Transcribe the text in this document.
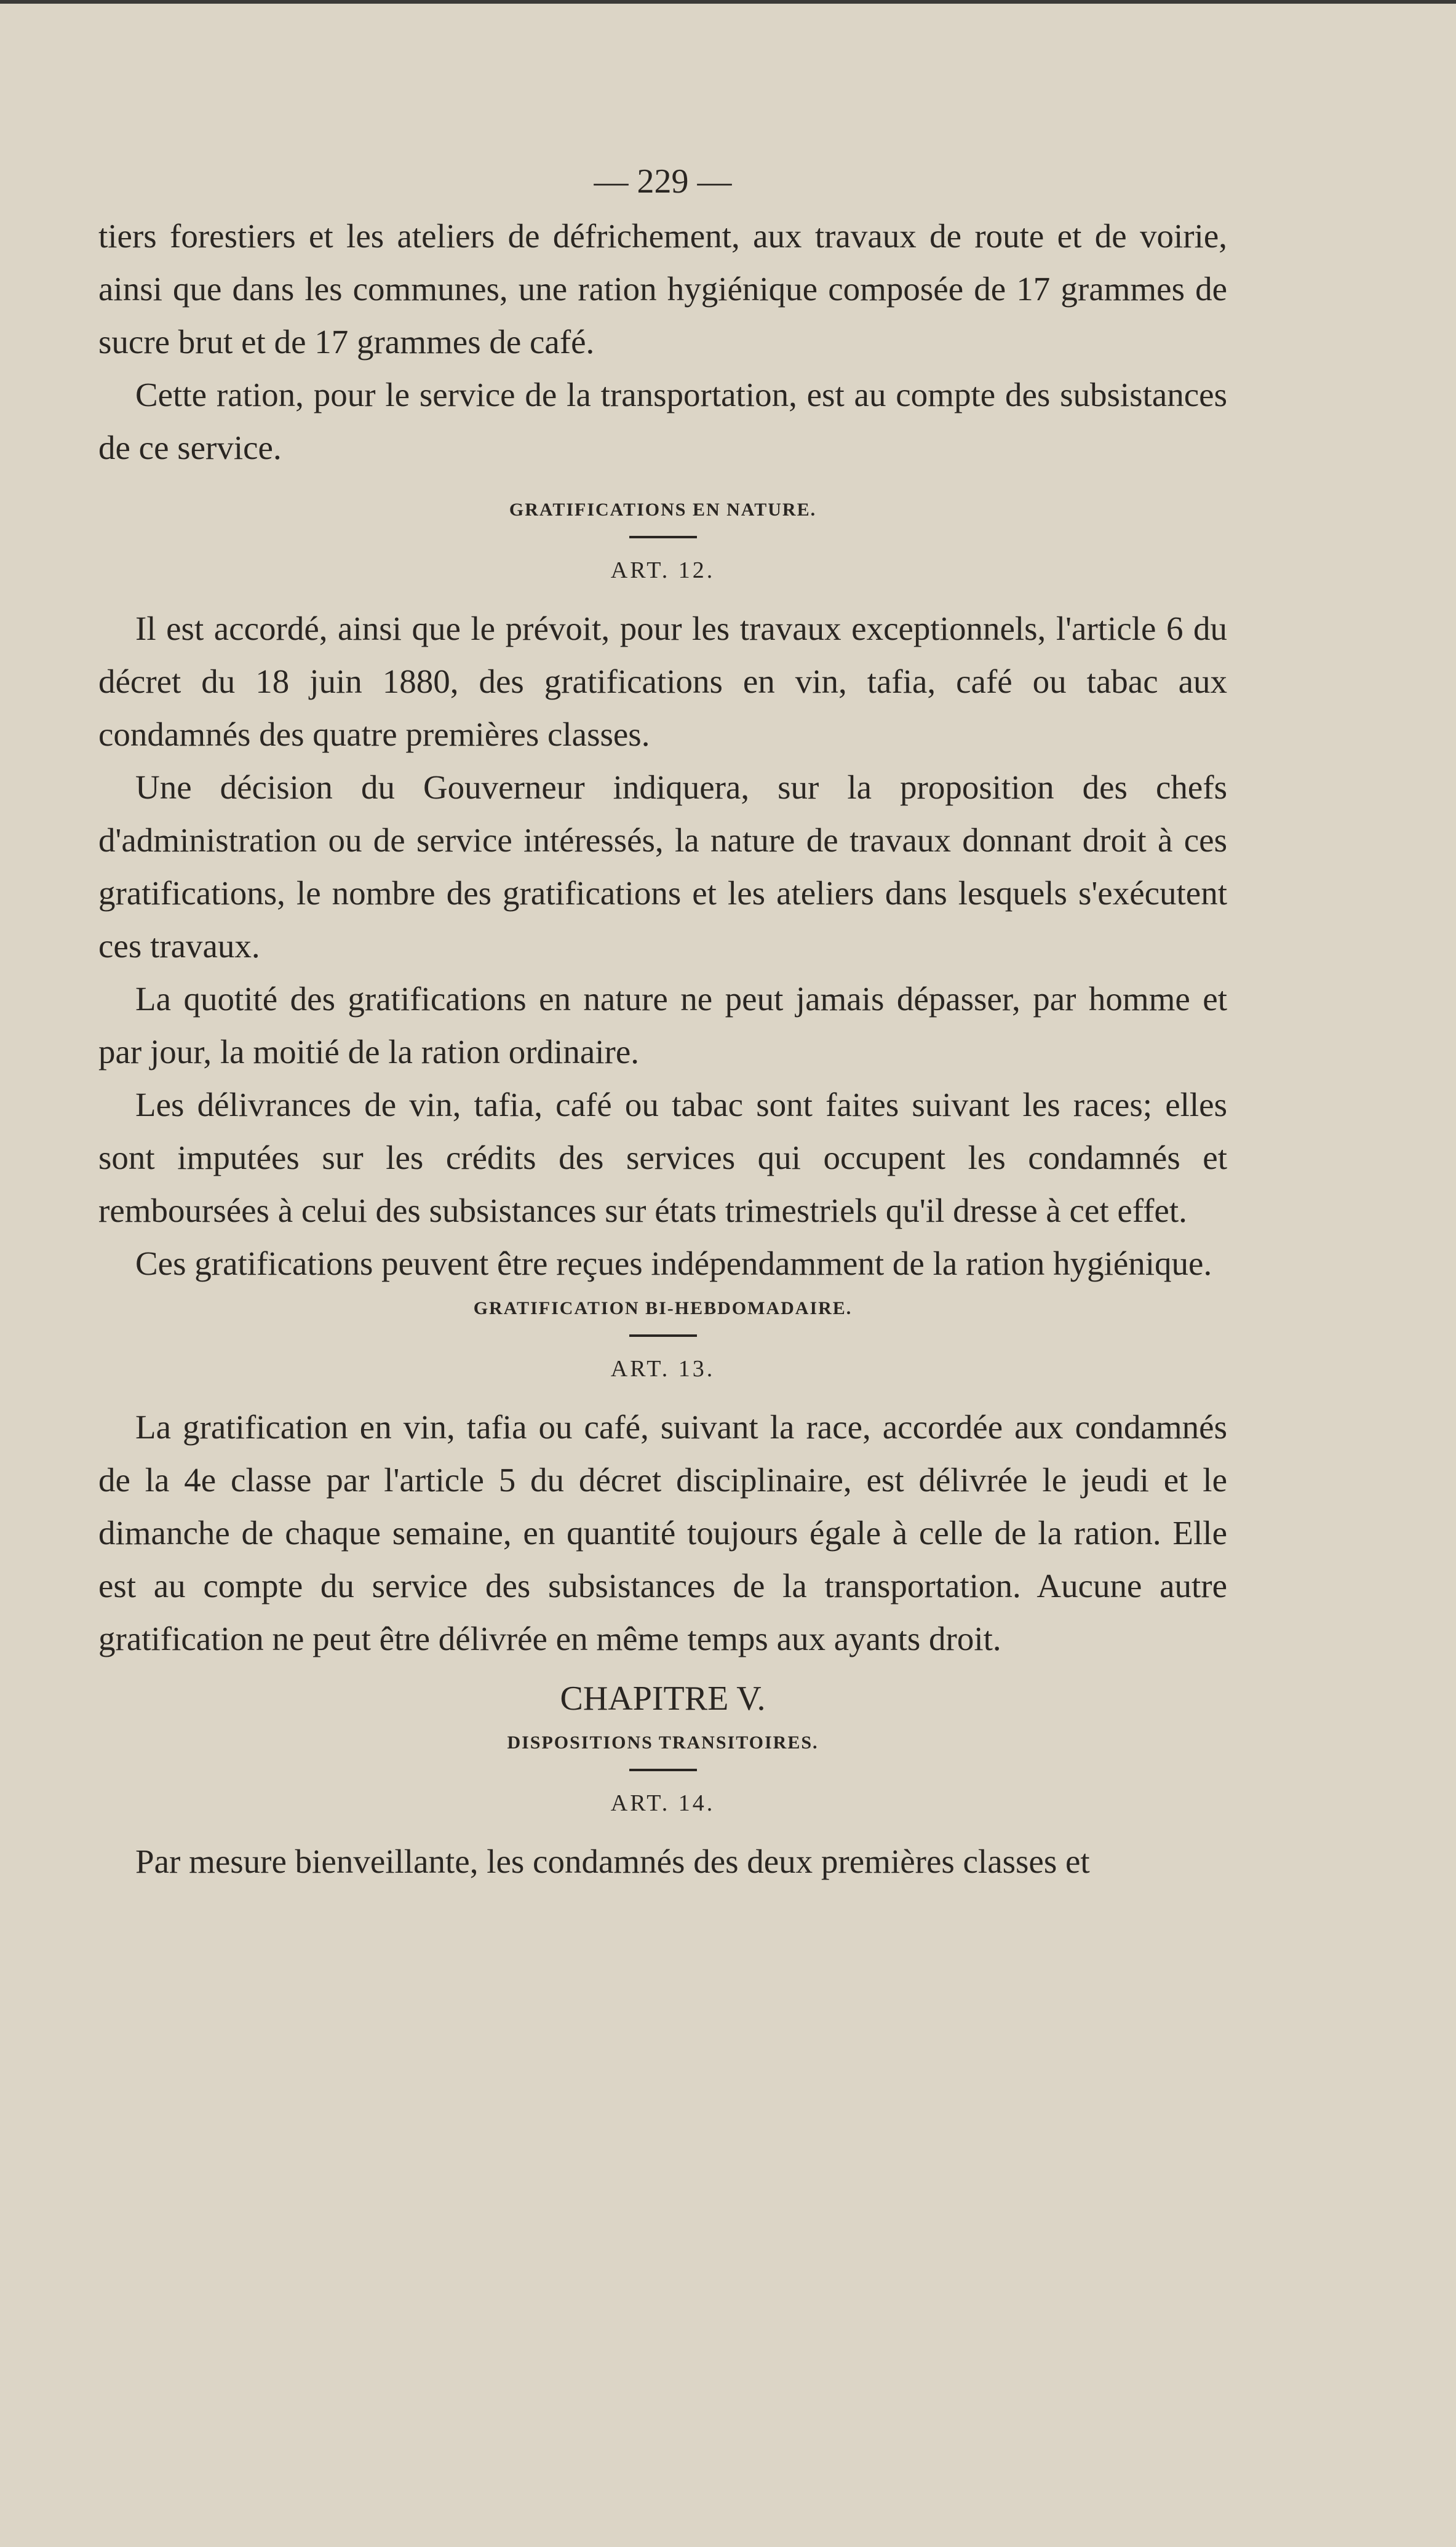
— 229 —

tiers forestiers et les ateliers de défrichement, aux travaux de route et de voirie, ainsi que dans les communes, une ration hygiénique composée de 17 grammes de sucre brut et de 17 grammes de café.

Cette ration, pour le service de la transportation, est au compte des subsistances de ce service.

GRATIFICATIONS EN NATURE.
ART. 12.

Il est accordé, ainsi que le prévoit, pour les travaux exceptionnels, l'article 6 du décret du 18 juin 1880, des gratifications en vin, tafia, café ou tabac aux condamnés des quatre premières classes.

Une décision du Gouverneur indiquera, sur la proposition des chefs d'administration ou de service intéressés, la nature de travaux donnant droit à ces gratifications, le nombre des gratifications et les ateliers dans lesquels s'exécutent ces travaux.

La quotité des gratifications en nature ne peut jamais dépasser, par homme et par jour, la moitié de la ration ordinaire.

Les délivrances de vin, tafia, café ou tabac sont faites suivant les races; elles sont imputées sur les crédits des services qui occupent les condamnés et remboursées à celui des subsistances sur états trimestriels qu'il dresse à cet effet.

Ces gratifications peuvent être reçues indépendamment de la ration hygiénique.

GRATIFICATION BI-HEBDOMADAIRE.
ART. 13.

La gratification en vin, tafia ou café, suivant la race, accordée aux condamnés de la 4e classe par l'article 5 du décret disciplinaire, est délivrée le jeudi et le dimanche de chaque semaine, en quantité toujours égale à celle de la ration. Elle est au compte du service des subsistances de la transportation. Aucune autre gratification ne peut être délivrée en même temps aux ayants droit.

CHAPITRE V.
DISPOSITIONS TRANSITOIRES.
ART. 14.

Par mesure bienveillante, les condamnés des deux premières classes et
